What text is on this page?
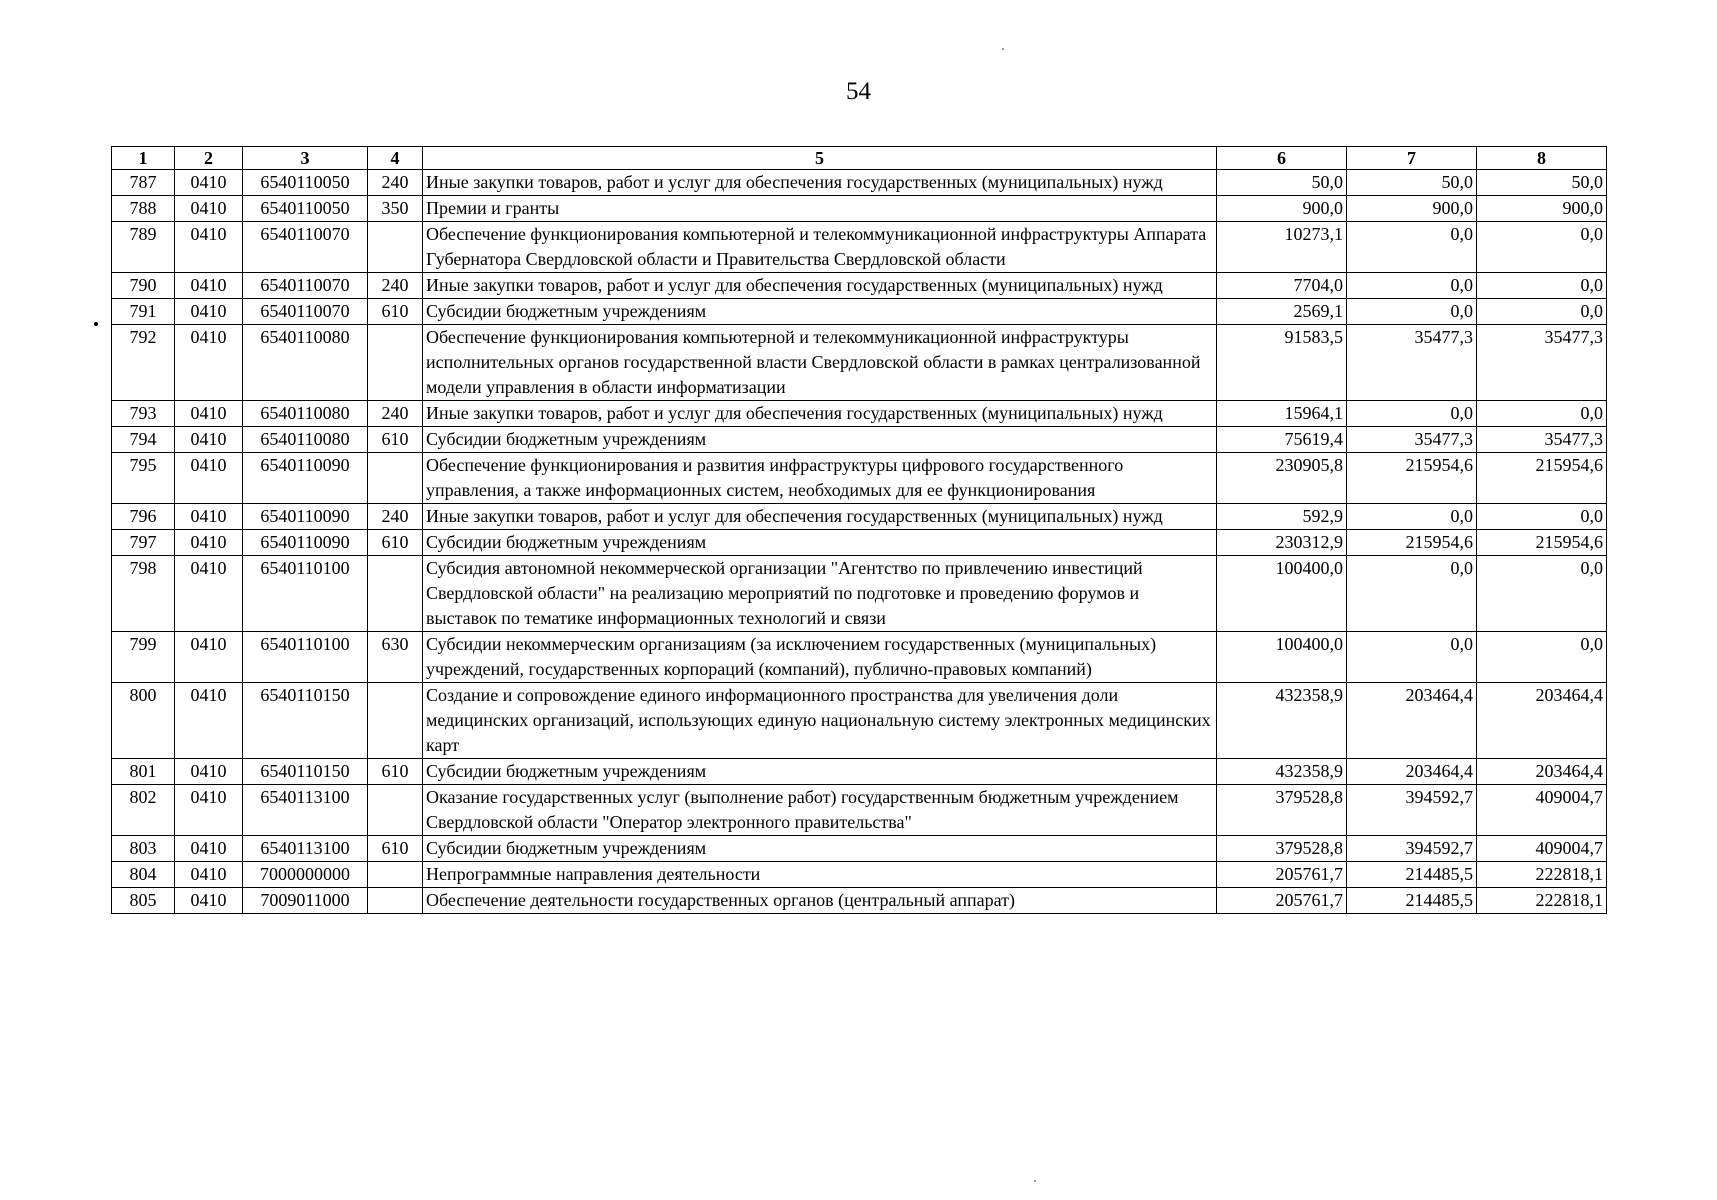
54
1	2	3	4	5	6	7	8
787	0410	6540110050	240	Иные закупки товаров, работ и услуг для обеспечения государственных (муниципальных) нужд	50,0	50,0	50,0
788	0410	6540110050	350	Премии и гранты	900,0	900,0	900,0
789	0410	6540110070		Обеспечение функционирования компьютерной и телекоммуникационной инфраструктуры Аппарата Губернатора Свердловской области и Правительства Свердловской области	10273,1	0,0	0,0
790	0410	6540110070	240	Иные закупки товаров, работ и услуг для обеспечения государственных (муниципальных) нужд	7704,0	0,0	0,0
791	0410	6540110070	610	Субсидии бюджетным учреждениям	2569,1	0,0	0,0
792	0410	6540110080		Обеспечение функционирования компьютерной и телекоммуникационной инфраструктуры исполнительных органов государственной власти Свердловской области в рамках централизованной модели управления в области информатизации	91583,5	35477,3	35477,3
793	0410	6540110080	240	Иные закупки товаров, работ и услуг для обеспечения государственных (муниципальных) нужд	15964,1	0,0	0,0
794	0410	6540110080	610	Субсидии бюджетным учреждениям	75619,4	35477,3	35477,3
795	0410	6540110090		Обеспечение функционирования и развития инфраструктуры цифрового государственного управления, а также информационных систем, необходимых для ее функционирования	230905,8	215954,6	215954,6
796	0410	6540110090	240	Иные закупки товаров, работ и услуг для обеспечения государственных (муниципальных) нужд	592,9	0,0	0,0
797	0410	6540110090	610	Субсидии бюджетным учреждениям	230312,9	215954,6	215954,6
798	0410	6540110100		Субсидия автономной некоммерческой организации "Агентство по привлечению инвестиций Свердловской области" на реализацию мероприятий по подготовке и проведению форумов и выставок по тематике информационных технологий и связи	100400,0	0,0	0,0
799	0410	6540110100	630	Субсидии некоммерческим организациям (за исключением государственных (муниципальных) учреждений, государственных корпораций (компаний), публично-правовых компаний)	100400,0	0,0	0,0
800	0410	6540110150		Создание и сопровождение единого информационного пространства для увеличения доли медицинских организаций, использующих единую национальную систему электронных медицинских карт	432358,9	203464,4	203464,4
801	0410	6540110150	610	Субсидии бюджетным учреждениям	432358,9	203464,4	203464,4
802	0410	6540113100		Оказание государственных услуг (выполнение работ) государственным бюджетным учреждением Свердловской области "Оператор электронного правительства"	379528,8	394592,7	409004,7
803	0410	6540113100	610	Субсидии бюджетным учреждениям	379528,8	394592,7	409004,7
804	0410	7000000000		Непрограммные направления деятельности	205761,7	214485,5	222818,1
805	0410	7009011000		Обеспечение деятельности государственных органов (центральный аппарат)	205761,7	214485,5	222818,1
